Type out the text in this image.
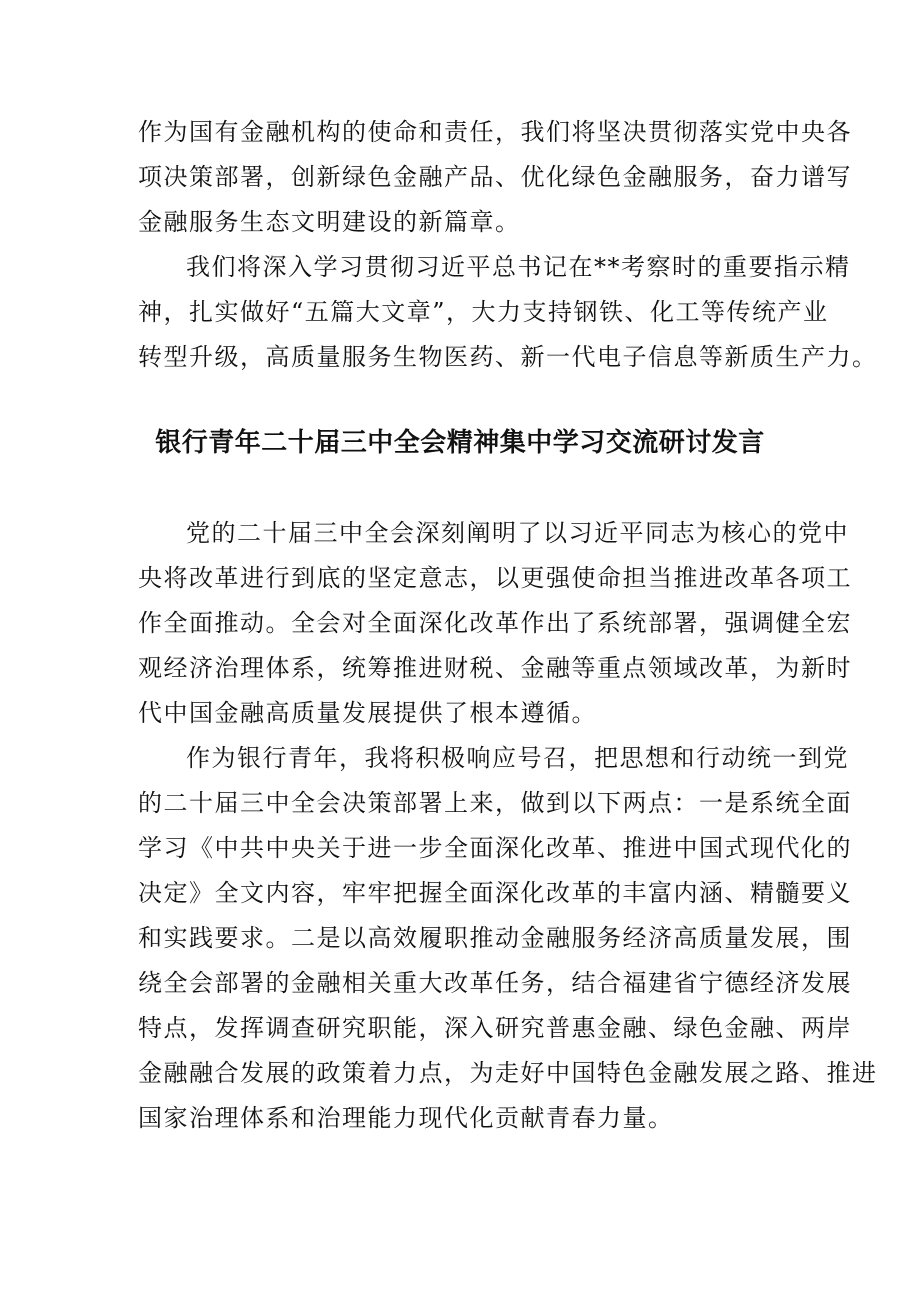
作为国有金融机构的使命和责任，我们将坚决贯彻落实党中央各
项决策部署，创新绿色金融产品、优化绿色金融服务，奋力谱写
金融服务生态文明建设的新篇章。
我们将深入学习贯彻习近平总书记在**考察时的重要指示精
神，扎实做好“五篇大文章”，大力支持钢铁、化工等传统产业
转型升级，高质量服务生物医药、新一代电子信息等新质生产力。
银行青年二十届三中全会精神集中学习交流研讨发言
党的二十届三中全会深刻阐明了以习近平同志为核心的党中
央将改革进行到底的坚定意志，以更强使命担当推进改革各项工
作全面推动。全会对全面深化改革作出了系统部署，强调健全宏
观经济治理体系，统筹推进财税、金融等重点领域改革，为新时
代中国金融高质量发展提供了根本遵循。
作为银行青年，我将积极响应号召，把思想和行动统一到党
的二十届三中全会决策部署上来，做到以下两点：一是系统全面
学习《中共中央关于进一步全面深化改革、推进中国式现代化的
决定》全文内容，牢牢把握全面深化改革的丰富内涵、精髓要义
和实践要求。二是以高效履职推动金融服务经济高质量发展，围
绕全会部署的金融相关重大改革任务，结合福建省宁德经济发展
特点，发挥调查研究职能，深入研究普惠金融、绿色金融、两岸
金融融合发展的政策着力点，为走好中国特色金融发展之路、推进
国家治理体系和治理能力现代化贡献青春力量。
